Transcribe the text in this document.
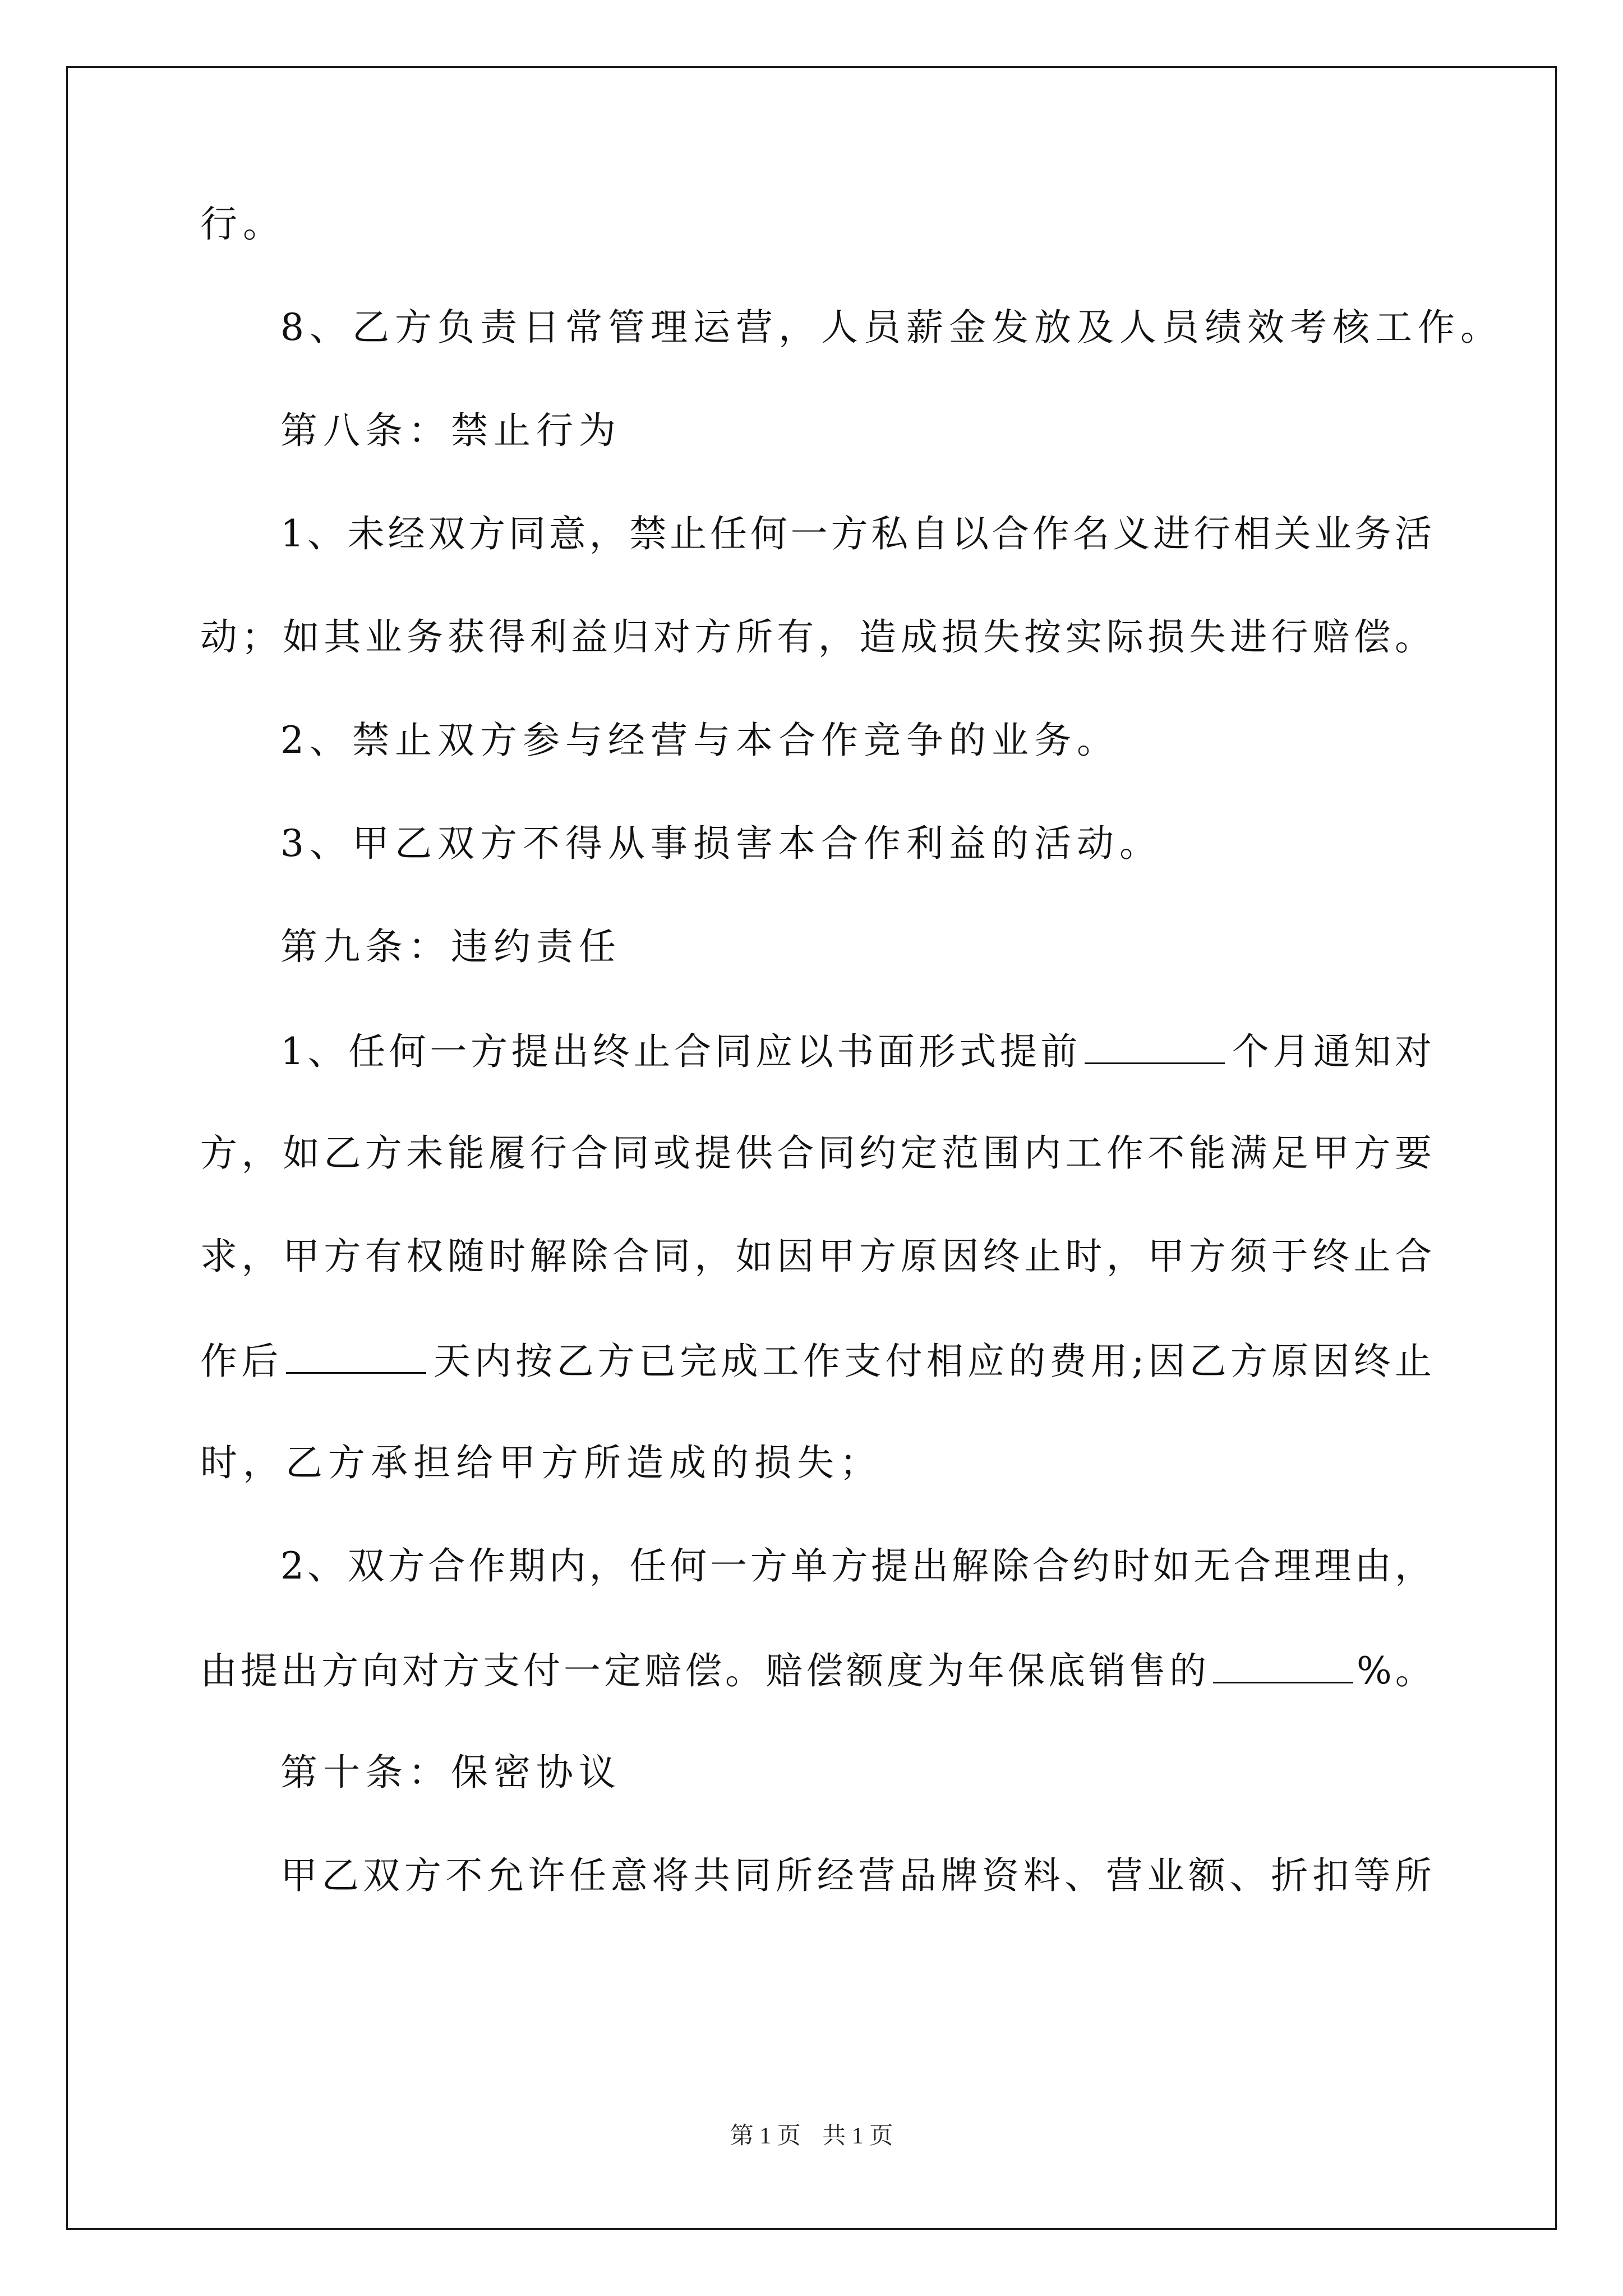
行。
8、乙方负责日常管理运营，人员薪金发放及人员绩效考核工作。
第八条：禁止行为
1、未经双方同意，禁止任何一方私自以合作名义进行相关业务活
动；如其业务获得利益归对方所有，造成损失按实际损失进行赔偿。
2、禁止双方参与经营与本合作竞争的业务。
3、甲乙双方不得从事损害本合作利益的活动。
第九条：违约责任
1、任何一方提出终止合同应以书面形式提前	个月通知对
方，如乙方未能履行合同或提供合同约定范围内工作不能满足甲方要
求，甲方有权随时解除合同，如因甲方原因终止时，甲方须于终止合
作后	天内按乙方已完成工作支付相应的费用;因乙方原因终止
时，乙方承担给甲方所造成的损失；
2、双方合作期内，任何一方单方提出解除合约时如无合理理由，
由提出方向对方支付一定赔偿。赔偿额度为年保底销售的	%。
第十条：保密协议
甲乙双方不允许任意将共同所经营品牌资料、营业额、折扣等所
第 1 页 共 1 页
